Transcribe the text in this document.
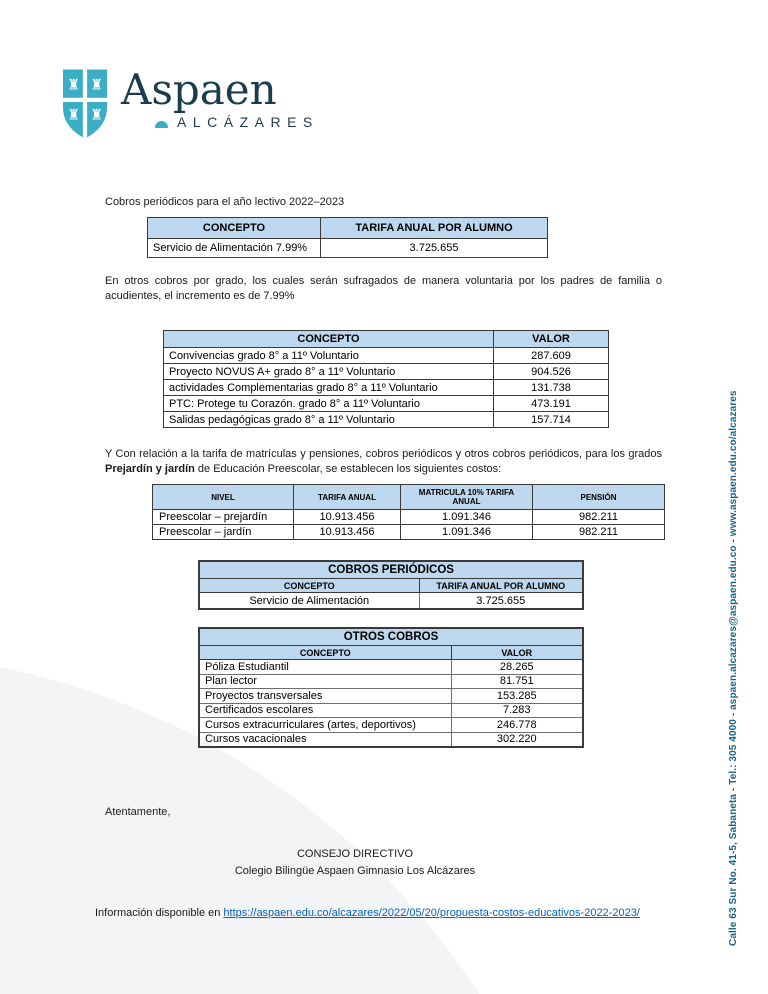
♜ ♜
♜ ♜
Aspaen
ALCÁZARES
Cobros periódicos para el año lectivo 2022–2023
CONCEPTO	TARIFA ANUAL POR ALUMNO
Servicio de Alimentación 7.99%	3.725.655
En otros cobros por grado, los cuales serán sufragados de manera voluntaria por los padres de familia o acudientes, el incremento es de 7.99%
CONCEPTO	VALOR
Convivencias grado 8° a 11º Voluntario	287.609
Proyecto NOVUS A+ grado 8° a 11º Voluntario	904.526
actividades Complementarias grado 8° a 11º Voluntario	131.738
PTC: Protege tu Corazón. grado 8° a 11º Voluntario	473.191
Salidas pedagógicas grado 8° a 11º Voluntario	157.714
Y Con relación a la tarifa de matrículas y pensiones, cobros periódicos y otros cobros periódicos, para los grados Prejardín y jardín de Educación Preescolar, se establecen los siguientes costos:
NIVEL	TARIFA ANUAL	MATRICULA 10% TARIFA ANUAL	PENSIÓN
Preescolar – prejardín	10.913.456	1.091.346	982.211
Preescolar – jardín	10.913.456	1.091.346	982.211
COBROS PERIÓDICOS	
CONCEPTO	TARIFA ANUAL POR ALUMNO
Servicio de Alimentación	3.725.655
OTROS COBROS	
CONCEPTO	VALOR
Póliza Estudiantil	28.265
Plan lector	81.751
Proyectos transversales	153.285
Certificados escolares	7.283
Cursos extracurriculares (artes, deportivos)	246.778
Cursos vacacionales	302.220
Atentamente,
CONSEJO DIRECTIVO
Colegio Bilingüe Aspaen Gimnasio Los Alcázares
Información disponible en https://aspaen.edu.co/alcazares/2022/05/20/propuesta-costos-educativos-2022-2023/	Calle 63 Sur No. 41-5, Sabaneta - Tel.: 305 4000 - aspaen.alcazares@aspaen.edu.co - www.aspaen.edu.co/alcazares
